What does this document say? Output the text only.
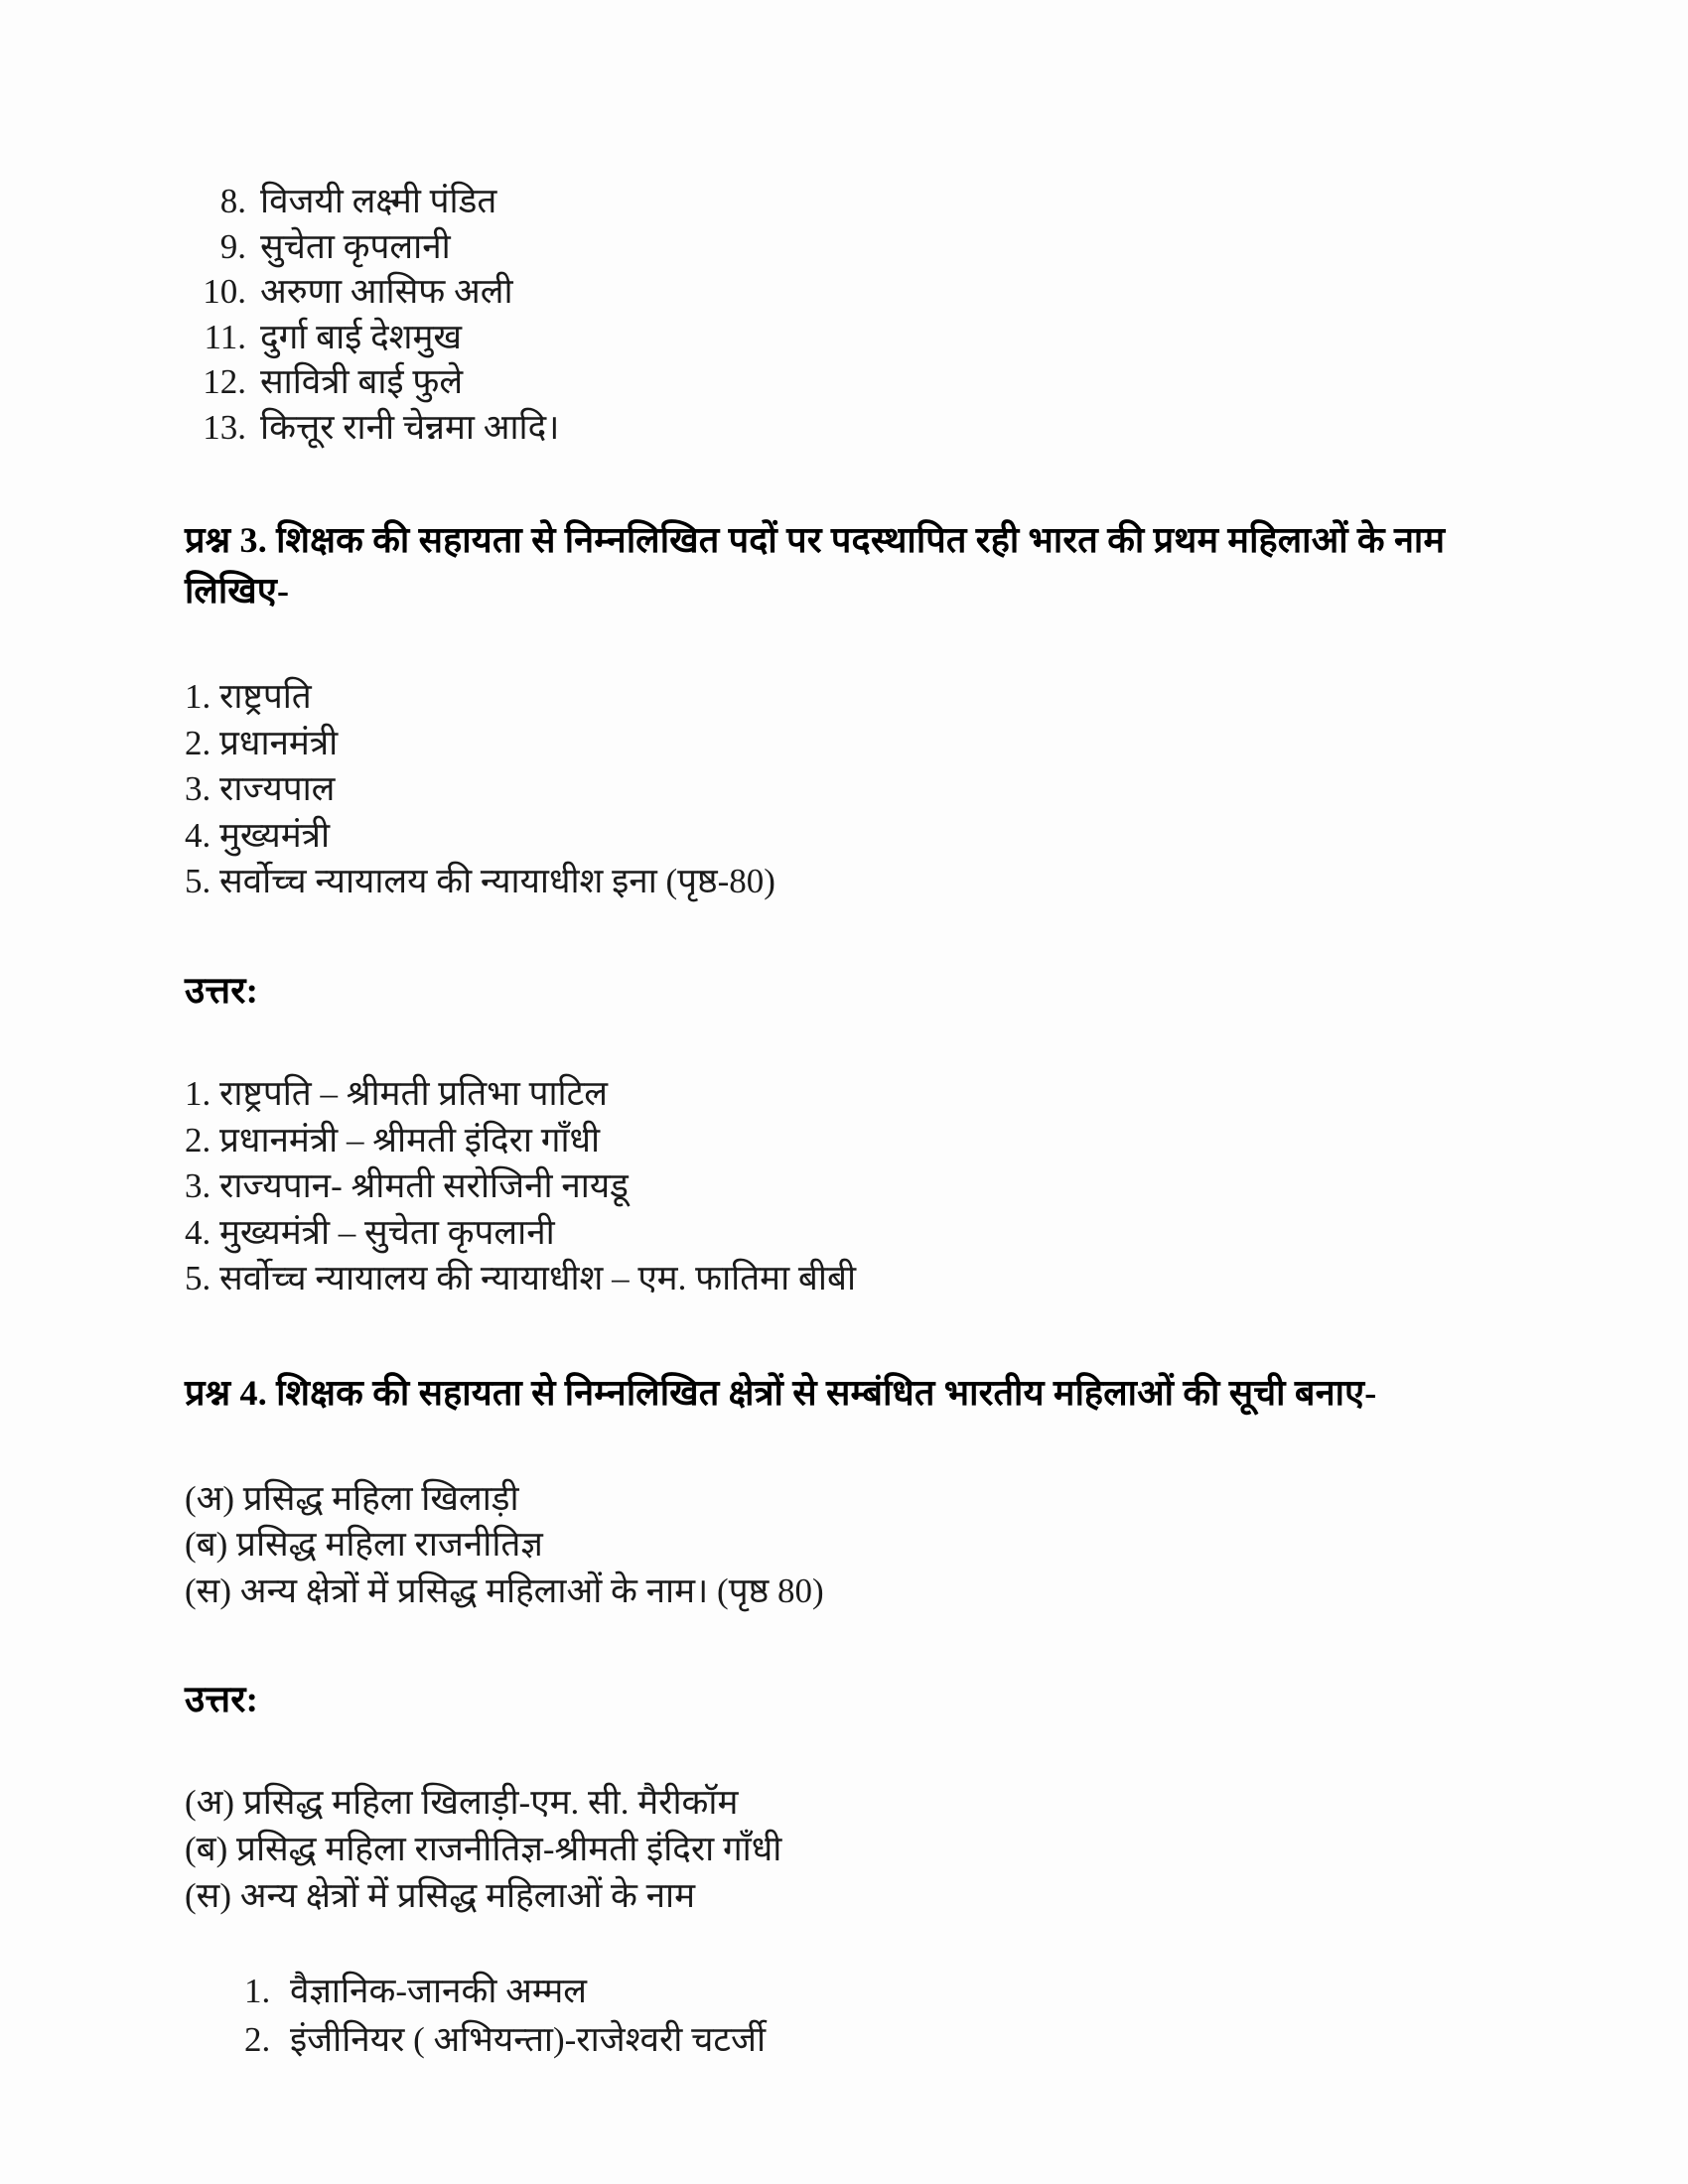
8. विजयी लक्ष्मी पंडित
9. सुचेता कृपलानी
10. अरुणा आसिफ अली
11. दुर्गा बाई देशमुख
12. सावित्री बाई फुले
13. कित्तूर रानी चेन्नमा आदि।

प्रश्न 3. शिक्षक की सहायता से निम्नलिखित पदों पर पदस्थापित रही भारत की प्रथम महिलाओं के नाम लिखिए-

1. राष्ट्रपति
2. प्रधानमंत्री
3. राज्यपाल
4. मुख्यमंत्री
5. सर्वोच्च न्यायालय की न्यायाधीश इना (पृष्ठ-80)

उत्तर:

1. राष्ट्रपति – श्रीमती प्रतिभा पाटिल
2. प्रधानमंत्री – श्रीमती इंदिरा गाँधी
3. राज्यपान- श्रीमती सरोजिनी नायडू
4. मुख्यमंत्री – सुचेता कृपलानी
5. सर्वोच्च न्यायालय की न्यायाधीश – एम. फातिमा बीबी

प्रश्न 4. शिक्षक की सहायता से निम्नलिखित क्षेत्रों से सम्बंधित भारतीय महिलाओं की सूची बनाए-

(अ) प्रसिद्ध महिला खिलाड़ी
(ब) प्रसिद्ध महिला राजनीतिज्ञ
(स) अन्य क्षेत्रों में प्रसिद्ध महिलाओं के नाम। (पृष्ठ 80)

उत्तर:

(अ) प्रसिद्ध महिला खिलाड़ी-एम. सी. मैरीकॉम
(ब) प्रसिद्ध महिला राजनीतिज्ञ-श्रीमती इंदिरा गाँधी
(स) अन्य क्षेत्रों में प्रसिद्ध महिलाओं के नाम
1. वैज्ञानिक-जानकी अम्मल
2. इंजीनियर ( अभियन्ता)-राजेश्वरी चटर्जी
